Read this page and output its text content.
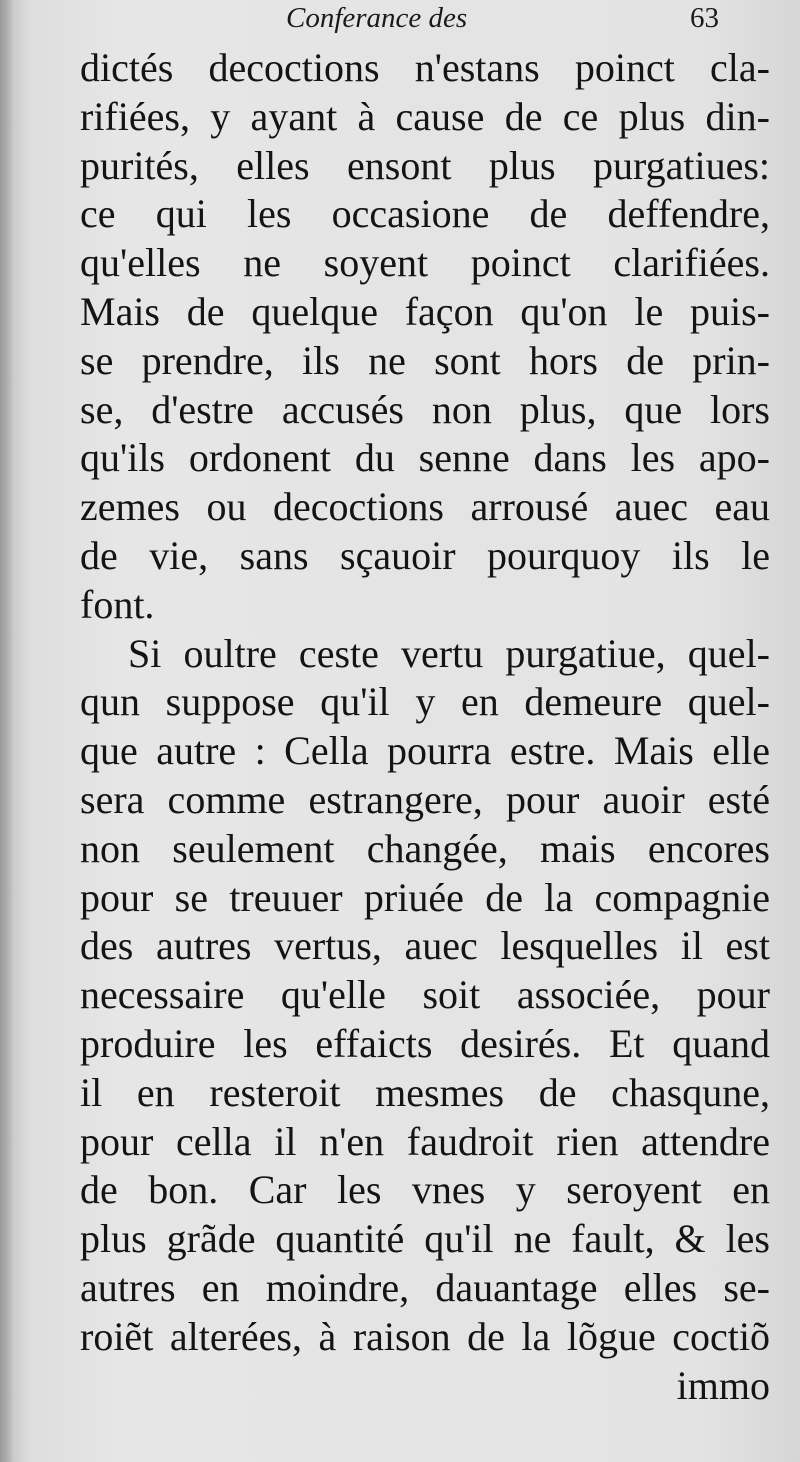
Conferance des	63
dictés decoctions n'estans poinct cla-
rifiées, y ayant à cause de ce plus din-
purités, elles ensont plus purgatiues:
ce qui les occasione de deffendre,
qu'elles ne soyent poinct clarifiées.
Mais de quelque façon qu'on le puis-
se prendre, ils ne sont hors de prin-
se, d'estre accusés non plus, que lors
qu'ils ordonent du senne dans les apo-
zemes ou decoctions arrousé auec eau
de vie, sans sçauoir pourquoy ils le
font.
Si oultre ceste vertu purgatiue, quel-
qun suppose qu'il y en demeure quel-
que autre : Cella pourra estre. Mais elle
sera comme estrangere, pour auoir esté
non seulement changée, mais encores
pour se treuuer priuée de la compagnie
des autres vertus, auec lesquelles il est
necessaire qu'elle soit associée, pour
produire les effaicts desirés. Et quand
il en resteroit mesmes de chasqune,
pour cella il n'en faudroit rien attendre
de bon. Car les vnes y seroyent en
plus grãde quantité qu'il ne fault, & les
autres en moindre, dauantage elles se-
roiẽt alterées, à raison de la lõgue coctiõ
immo
